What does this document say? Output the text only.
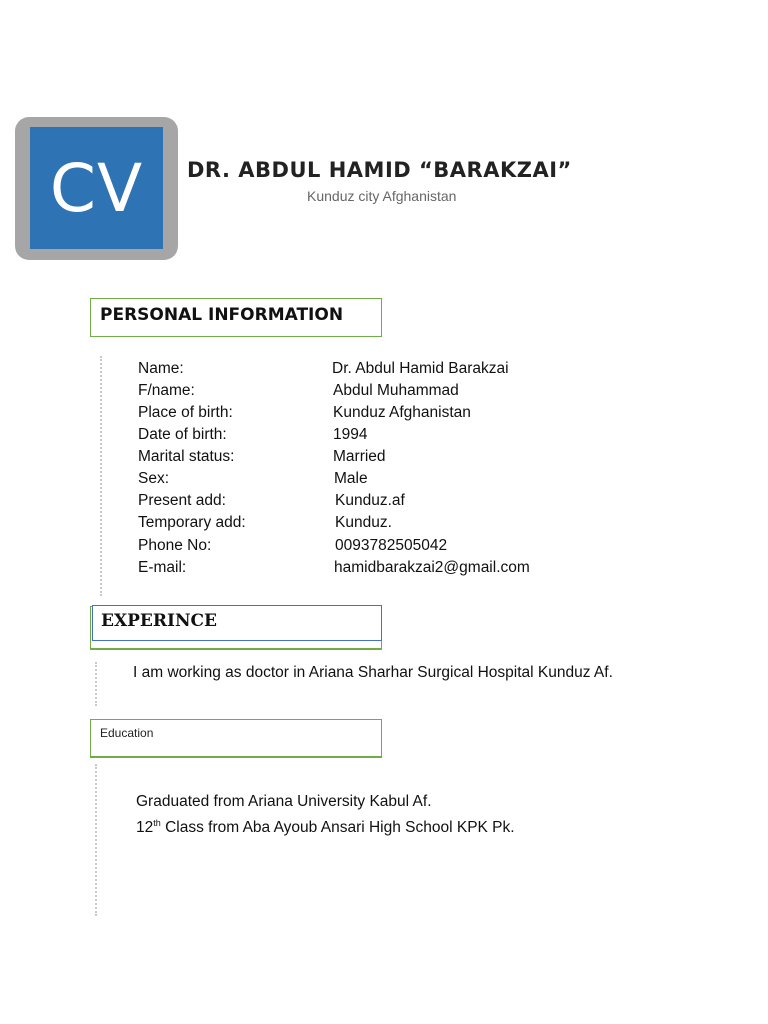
CV	DR. ABDUL HAMID “BARAKZAI”
Kunduz city Afghanistan
PERSONAL INFORMATION
Name:	Dr. Abdul Hamid Barakzai
F/name:	Abdul Muhammad
Place of birth:	Kunduz Afghanistan
Date of birth:	1994
Marital status:	Married
Sex:	Male
Present add:	Kunduz.af
Temporary add:	Kunduz.
Phone No:	0093782505042
E-mail:	hamidbarakzai2@gmail.com
EXPERINCE
I am working as doctor in Ariana Sharhar Surgical Hospital Kunduz Af.
Education
Graduated from Ariana University Kabul Af.
12th Class from Aba Ayoub Ansari High School KPK Pk.
